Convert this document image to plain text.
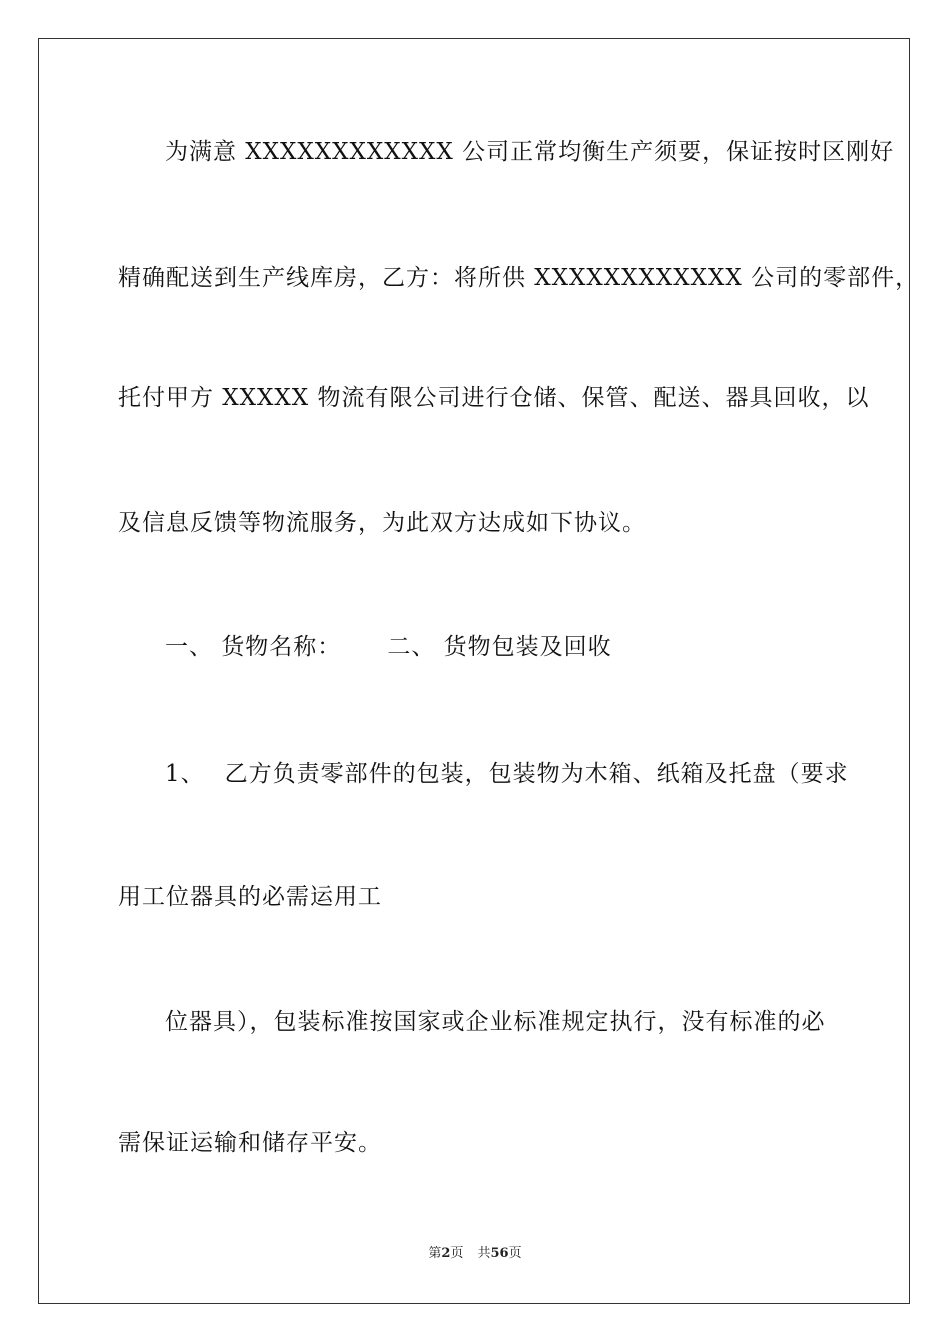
为满意 XXXXXXXXXXXX 公司正常均衡生产须要，保证按时区刚好
精确配送到生产线库房，乙方：将所供 XXXXXXXXXXXX 公司的零部件，
托付甲方 XXXXX 物流有限公司进行仓储、保管、配送、器具回收，以
及信息反馈等物流服务，为此双方达成如下协议。
一、 货物名称： 二、 货物包装及回收
1、 乙方负责零部件的包装，包装物为木箱、纸箱及托盘（要求
用工位器具的必需运用工
位器具），包装标准按国家或企业标准规定执行，没有标准的必
需保证运输和储存平安。
第2页 共56页
